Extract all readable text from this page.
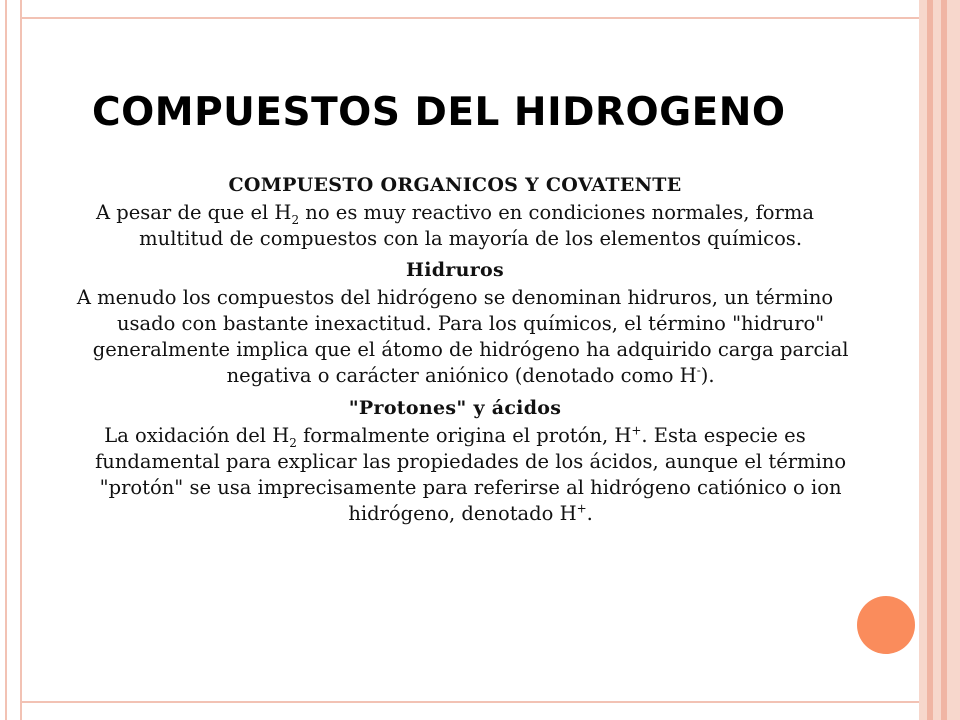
COMPUESTOS DEL HIDROGENO

COMPUESTO ORGANICOS Y COVATENTE

A pesar de que el $H_2$ no es muy reactivo en condiciones normales, forma multitud de compuestos con la mayoría de los elementos químicos.

Hidruros

A menudo los compuestos del hidrógeno se denominan hidruros, un término usado con bastante inexactitud. Para los químicos, el término "hidruro" generalmente implica que el átomo de hidrógeno ha adquirido carga parcial negativa o carácter aniónico (denotado como H-).

"Protones" y ácidos

La oxidación del $H_2$ formalmente origina el protón, H+. Esta especie es fundamental para explicar las propiedades de los ácidos, aunque el término "protón" se usa imprecisamente para referirse al hidrógeno catiónico o ion hidrógeno, denotado H+.
